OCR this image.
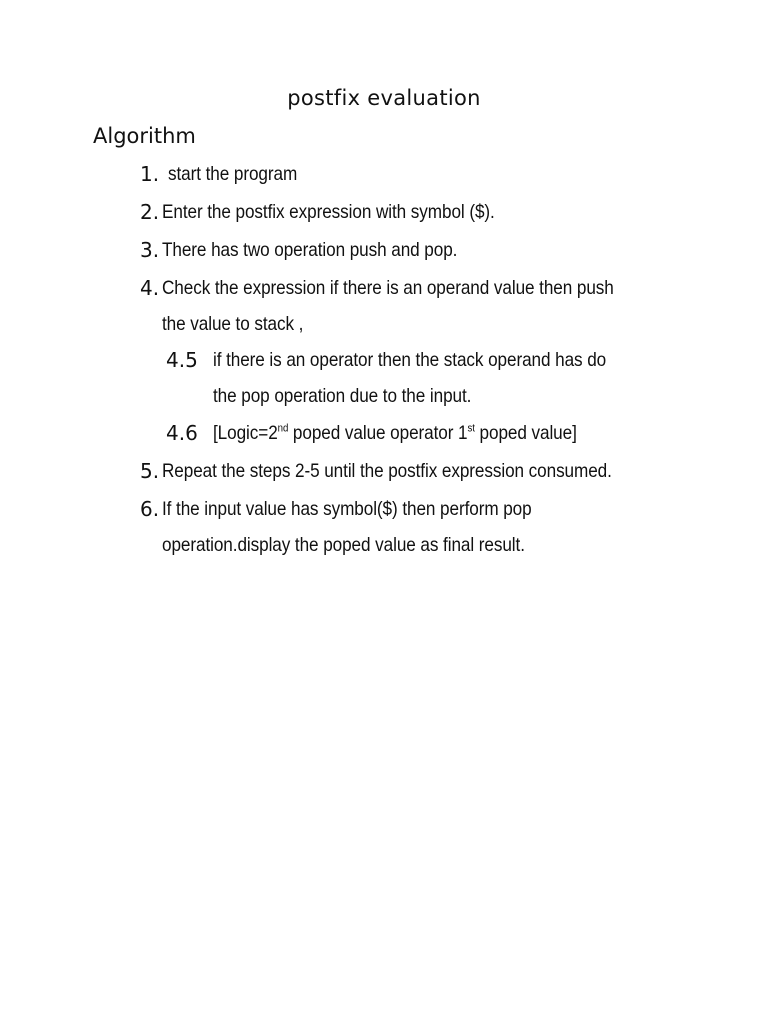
postfix evaluation
Algorithm
1. start the program
2. Enter the postfix expression with symbol ($).
3. There has two operation push and pop.
4. Check the expression if there is an operand value then push
the value to stack ,
4.5 if there is an operator then the stack operand has do
the pop operation due to the input.
4.6 [Logic=2nd poped value operator 1st poped value]
5. Repeat the steps 2-5 until the postfix expression consumed.
6. If the input value has symbol($) then perform pop
operation.display the poped value as final result.
